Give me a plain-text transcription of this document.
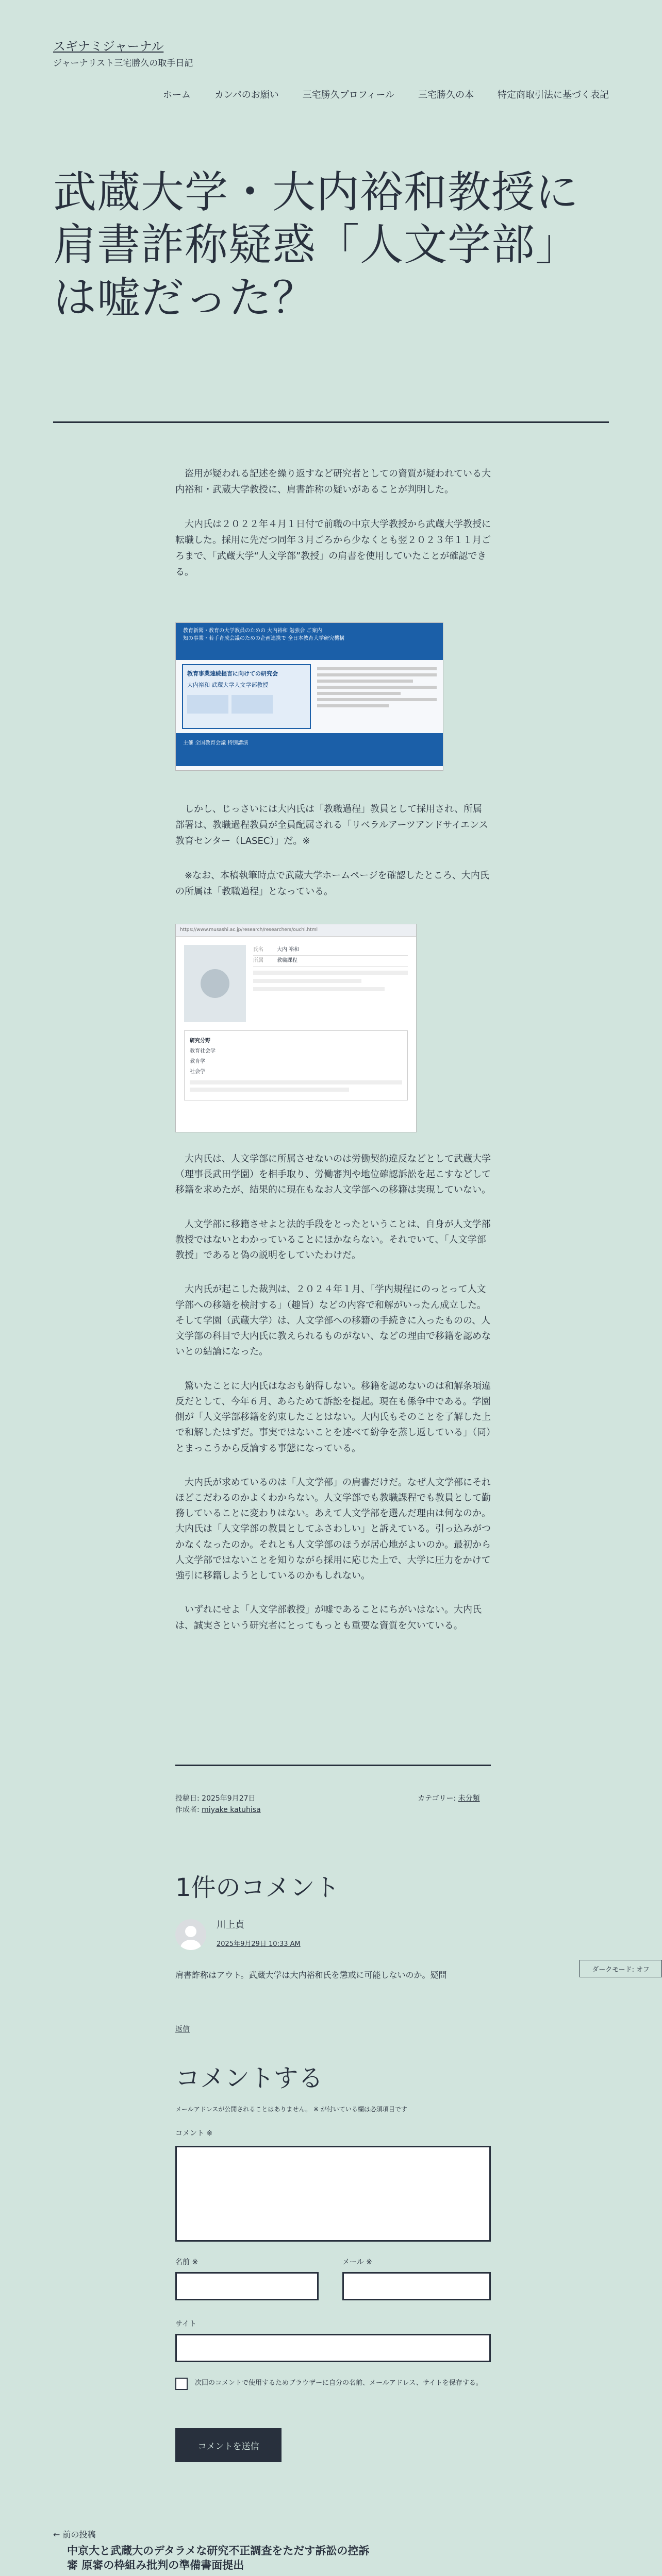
スギナミジャーナル
ジャーナリスト三宅勝久の取手日記
ホーム	カンパのお願い	三宅勝久プロフィール	三宅勝久の本	特定商取引法に基づく表記
武蔵大学・大内裕和教授に肩書詐称疑惑「人文学部」は嘘だった？

　盗用が疑われる記述を繰り返すなど研究者としての資質が疑われている大内裕和・武蔵大学教授に、肩書詐称の疑いがあることが判明した。

　大内氏は２０２２年４月１日付で前職の中京大学教授から武蔵大学教授に転職した。採用に先だつ同年３月ごろから少なくとも翌２０２３年１１月ごろまで、「武蔵大学“人文学部”教授」の肩書を使用していたことが確認できる。

教育新聞・教育の大学教員のための 大内裕和 勉強会 ご案内
知の事業・若手育成会議のための企画連携で 全日本教育大学研究機構
教育事業連続提言に向けての研究会
大内裕和 武蔵大学人文学部教授
主催 全国教育会議 特別講演

　しかし、じっさいには大内氏は「教職過程」教員として採用され、所属部署は、教職過程教員が全員配属される「リベラルアーツアンドサイエンス教育センター（LASEC）」だ。※

　※なお、本稿執筆時点で武蔵大学ホームページを確認したところ、大内氏の所属は「教職過程」となっている。

https://www.musashi.ac.jp/research/researchers/ouchi.html
氏名	大内 裕和
所属	教職課程
研究分野
教育社会学
教育学
社会学

　大内氏は、人文学部に所属させないのは労働契約違反などとして武蔵大学（理事長武田学園）を相手取り、労働審判や地位確認訴訟を起こすなどして移籍を求めたが、結果的に現在もなお人文学部への移籍は実現していない。

　人文学部に移籍させよと法的手段をとったということは、自身が人文学部教授ではないとわかっていることにほかならない。それでいて、「人文学部教授」であると偽の説明をしていたわけだ。

　大内氏が起こした裁判は、２０２４年１月、「学内規程にのっとって人文学部への移籍を検討する」（趣旨）などの内容で和解がいったん成立した。そして学園（武蔵大学）は、人文学部への移籍の手続きに入ったものの、人文学部の科目で大内氏に教えられるものがない、などの理由で移籍を認めないとの結論になった。

　驚いたことに大内氏はなおも納得しない。移籍を認めないのは和解条項違反だとして、今年６月、あらためて訴訟を提起。現在も係争中である。学園側が「人文学部移籍を約束したことはない。大内氏もそのことを了解した上で和解したはずだ。事実ではないことを述べて紛争を蒸し返している」（同）とまっこうから反論する事態になっている。

　大内氏が求めているのは「人文学部」の肩書だけだ。なぜ人文学部にそれほどこだわるのかよくわからない。人文学部でも教職課程でも教員として勤務していることに変わりはない。あえて人文学部を選んだ理由は何なのか。大内氏は「人文学部の教員としてふさわしい」と訴えている。引っ込みがつかなくなったのか。それとも人文学部のほうが居心地がよいのか。最初から人文学部ではないことを知りながら採用に応じた上で、大学に圧力をかけて強引に移籍しようとしているのかもしれない。

　いずれにせよ「人文学部教授」が嘘であることにちがいはない。大内氏は、誠実さという研究者にとってもっとも重要な資質を欠いている。

投稿日: 2025年9月27日
作成者: miyake katuhisa
カテゴリー: 未分類
1件のコメント
川上貞
2025年9月29日 10:33 AM
肩書詐称はアウト。武蔵大学は大内裕和氏を懲戒に可能しないのか。疑問
返信
ダークモード: オフ
コメントする
メールアドレスが公開されることはありません。 ※ が付いている欄は必須項目です
コメント ※
名前 ※	メール ※
サイト
次回のコメントで使用するためブラウザーに自分の名前、メールアドレス、サイトを保存する。
コメントを送信
← 前の投稿
中京大と武蔵大のデタラメな研究不正調査をただす訴訟の控訴審 原審の枠組み批判の準備書面提出
